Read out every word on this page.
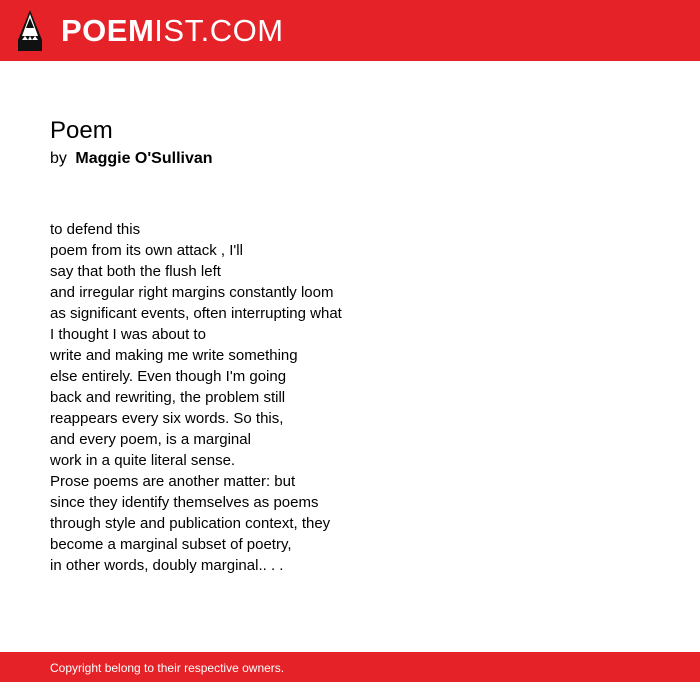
POEMIST.COM
Poem
by Maggie O'Sullivan
to defend this
poem from its own attack , I'll
say that both the flush left
and irregular right margins constantly loom
as significant events, often interrupting what
I thought I was about to
write and making me write something
else entirely. Even though I'm going
back and rewriting, the problem still
reappears every six words. So this,
and every poem, is a marginal
work in a quite literal sense.
Prose poems are another matter: but
since they identify themselves as poems
through style and publication context, they
become a marginal subset of poetry,
in other words, doubly marginal.. . .
Copyright belong to their respective owners.
